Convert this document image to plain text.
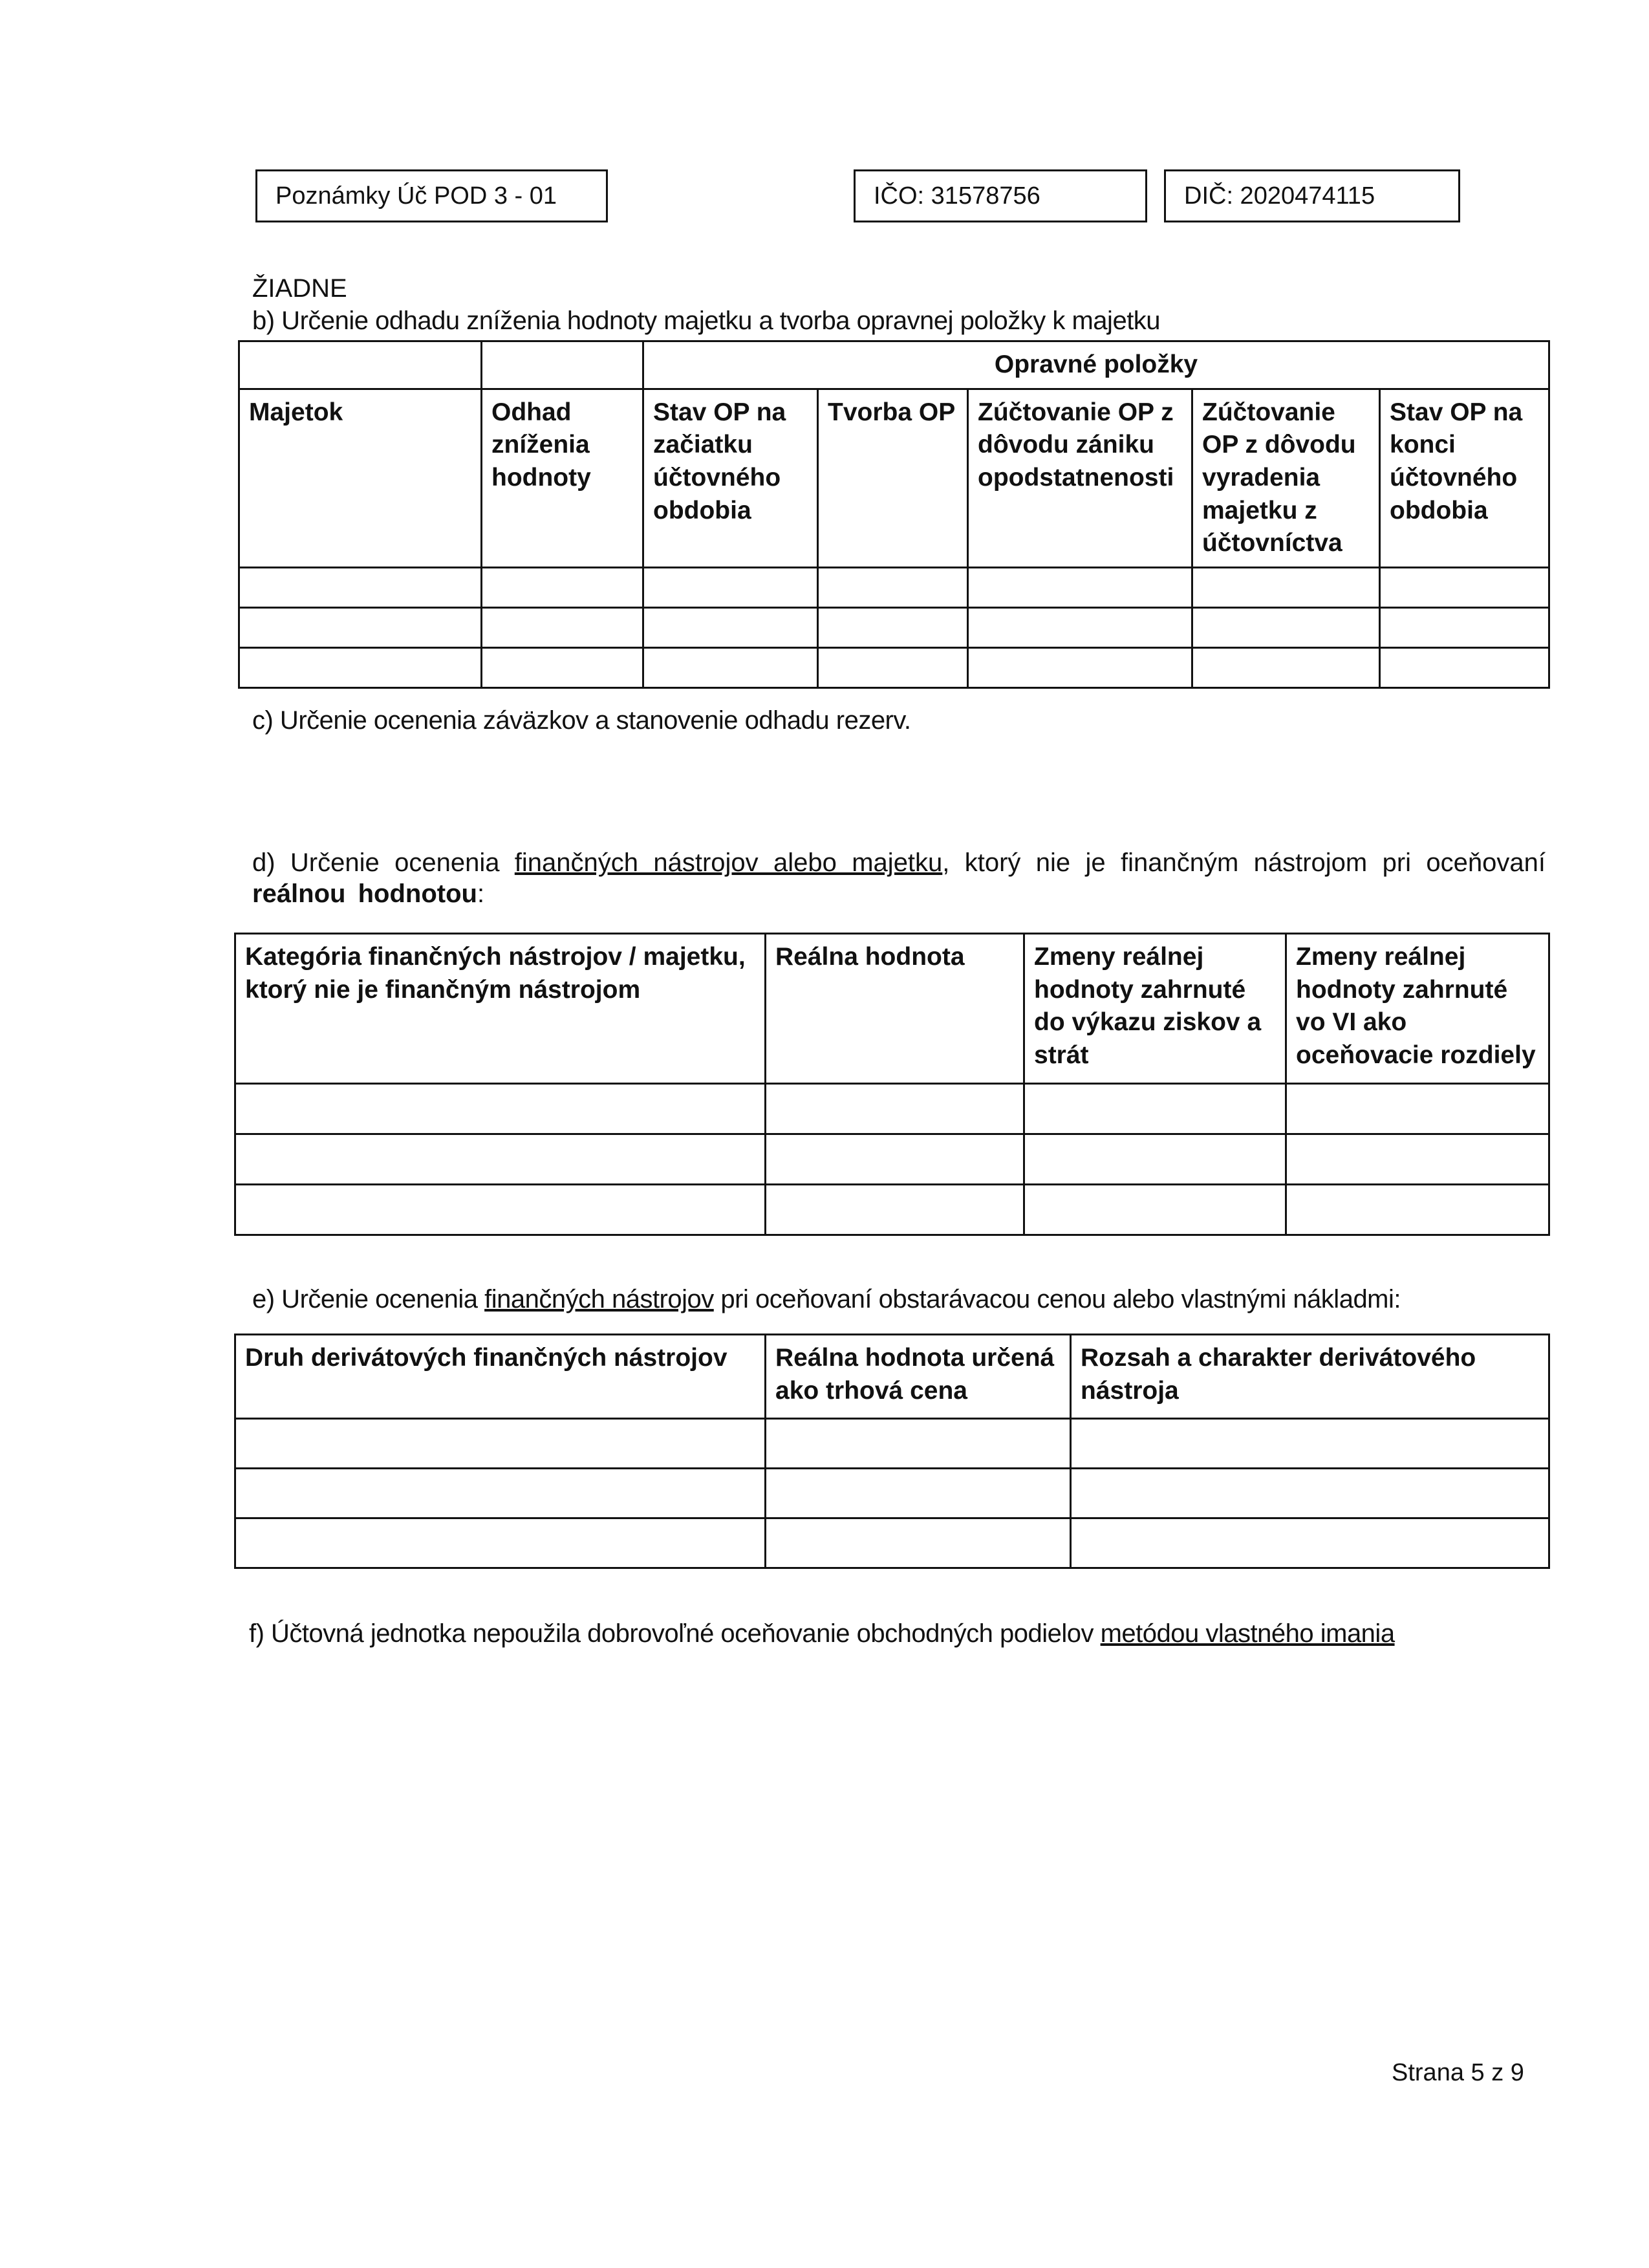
Poznámky Úč POD 3 - 01	IČO: 31578756	DIČ: 2020474115
ŽIADNE
b) Určenie odhadu zníženia hodnoty majetku a tvorba opravnej položky k majetku
		Opravné položky				
Majetok	Odhad zníženia hodnoty	Stav OP na začiatku účtovného obdobia	Tvorba OP	Zúčtovanie OP z dôvodu zániku opodstatnenosti	Zúčtovanie OP z dôvodu vyradenia majetku z účtovníctva	Stav OP na konci účtovného obdobia

c) Určenie ocenenia záväzkov a stanovenie odhadu rezerv.
d) Určenie ocenenia finančných nástrojov alebo majetku, ktorý nie je finančným nástrojom pri oceňovaní reálnou hodnotou:
Kategória finančných nástrojov / majetku, ktorý nie je finančným nástrojom	Reálna hodnota	Zmeny reálnej hodnoty zahrnuté do výkazu ziskov a strát	Zmeny reálnej hodnoty zahrnuté vo VI ako oceňovacie rozdiely

e) Určenie ocenenia finančných nástrojov pri oceňovaní obstarávacou cenou alebo vlastnými nákladmi:
Druh derivátových finančných nástrojov	Reálna hodnota určená ako trhová cena	Rozsah a charakter derivátového nástroja

f) Účtovná jednotka nepoužila dobrovoľné oceňovanie obchodných podielov metódou vlastného imania
Strana 5 z 9
